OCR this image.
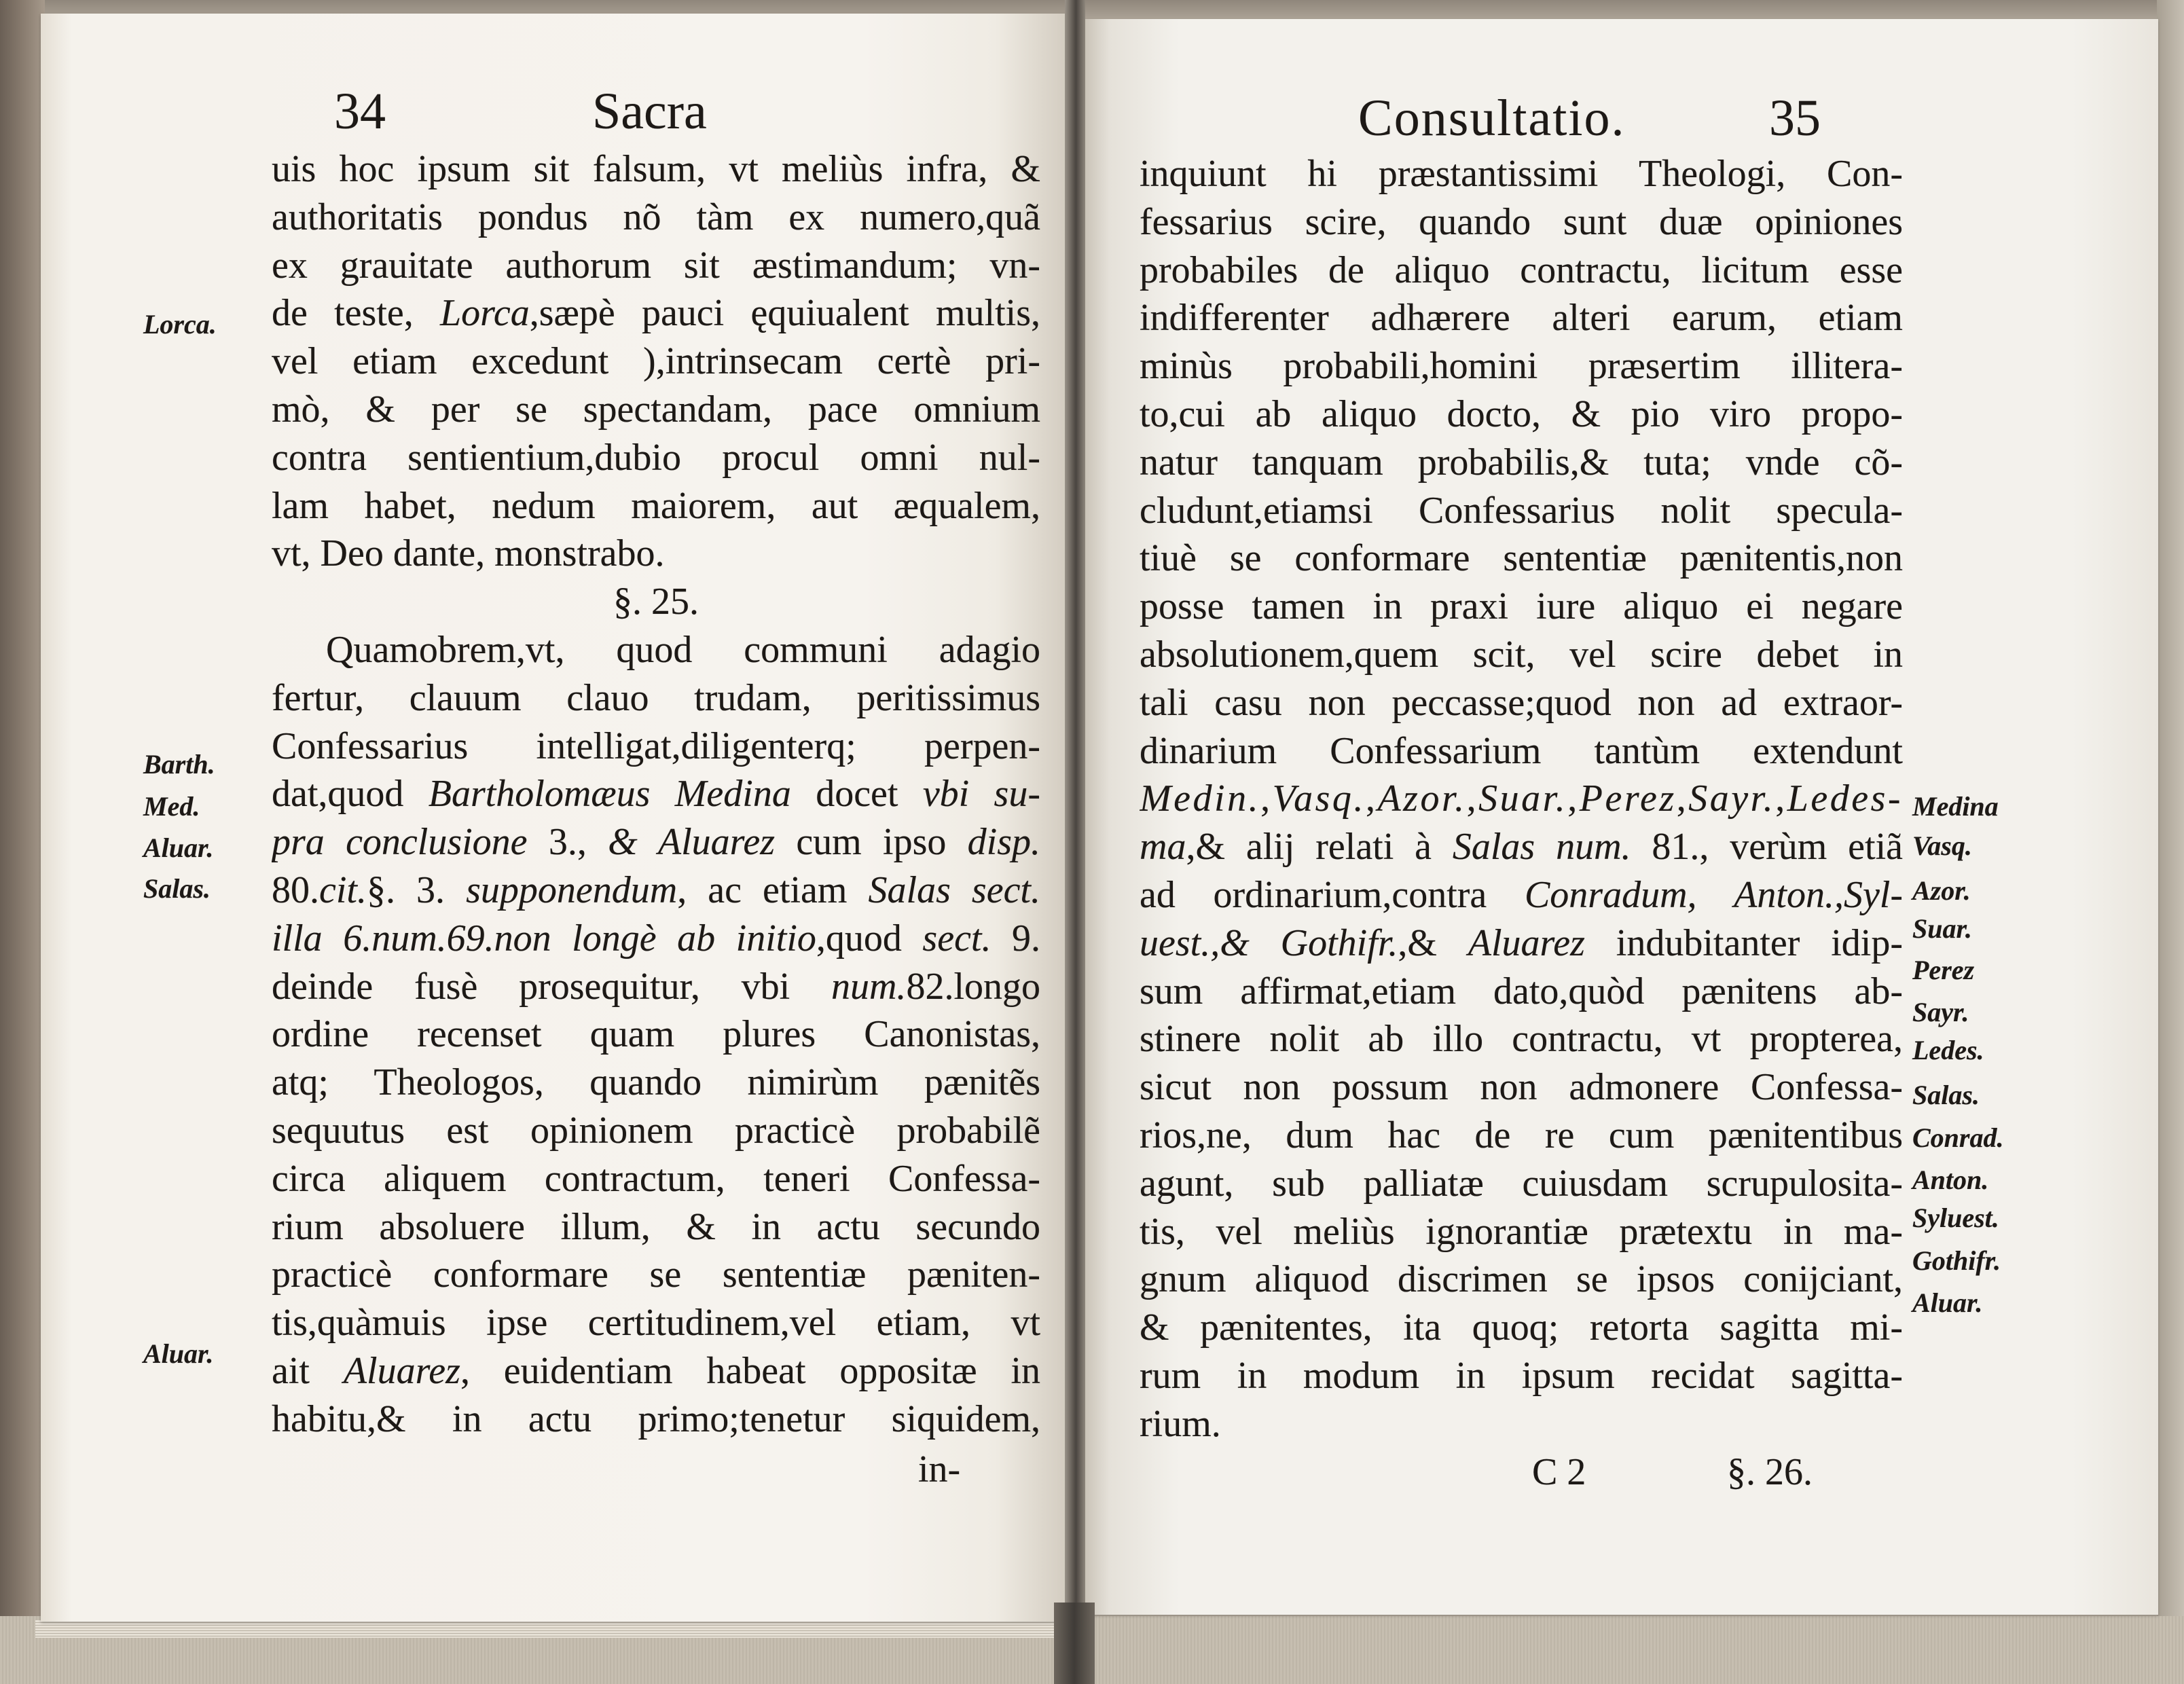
34	Sacra	Consultatio.	35
uis hoc ipsum sit falsum, vt meliùs infra, &
authoritatis pondus nõ tàm ex numero,quã
ex grauitate authorum sit æstimandum; vn-
de teste, Lorca,sæpè pauci ęquiualent multis,
vel etiam excedunt ),intrinsecam certè pri-
mò, & per se spectandam, pace omnium
contra sentientium,dubio procul omni nul-
lam habet, nedum maiorem, aut æqualem,
vt, Deo dante, monstrabo.
§. 25.
Quamobrem,vt, quod communi adagio
fertur, clauum clauo trudam, peritissimus
Confessarius intelligat,diligenterq; perpen-
dat,quod Bartholomæus Medina docet vbi su-
pra conclusione 3., & Aluarez cum ipso disp.
80.cit.§. 3. supponendum, ac etiam Salas sect.
illa 6.num.69.non longè ab initio,quod sect. 9.
deinde fusè prosequitur, vbi num.82.longo
ordine recenset quam plures Canonistas,
atq; Theologos, quando nimirùm pænitẽs
sequutus est opinionem practicè probabilẽ
circa aliquem contractum, teneri Confessa-
rium absoluere illum, & in actu secundo
practicè conformare se sententiæ pæniten-
tis,quàmuis ipse certitudinem,vel etiam, vt
ait Aluarez, euidentiam habeat oppositæ in
habitu,& in actu primo;tenetur siquidem,
inquiunt hi præstantissimi Theologi, Con-
fessarius scire, quando sunt duæ opiniones
probabiles de aliquo contractu, licitum esse
indifferenter adhærere alteri earum, etiam
minùs probabili,homini præsertim illitera-
to,cui ab aliquo docto, & pio viro propo-
natur tanquam probabilis,& tuta; vnde cõ-
cludunt,etiamsi Confessarius nolit specula-
tiuè se conformare sententiæ pænitentis,non
posse tamen in praxi iure aliquo ei negare
absolutionem,quem scit, vel scire debet in
tali casu non peccasse;quod non ad extraor-
dinarium Confessarium tantùm extendunt
Medin.,Vasq.,Azor.,Suar.,Perez,Sayr.,Ledes-
ma,& alij relati à Salas num. 81., verùm etiã
ad ordinarium,contra Conradum, Anton.,Syl-
uest.,& Gothifr.,& Aluarez indubitanter idip-
sum affirmat,etiam dato,quòd pænitens ab-
stinere nolit ab illo contractu, vt propterea,
sicut non possum non admonere Confessa-
rios,ne, dum hac de re cum pænitentibus
agunt, sub palliatæ cuiusdam scrupulosita-
tis, vel meliùs ignorantiæ prætextu in ma-
gnum aliquod discrimen se ipsos conijciant,
& pænitentes, ita quoq; retorta sagitta mi-
rum in modum in ipsum recidat sagitta-
rium.
Lorca.
Barth.
Med.
Aluar.
Salas.
Aluar.
Medina
Vasq.
Azor.
Suar.
Perez
Sayr.
Ledes.
Salas.
Conrad.
Anton.
Syluest.
Gothifr.
Aluar.
in-	C 2	§. 26.
